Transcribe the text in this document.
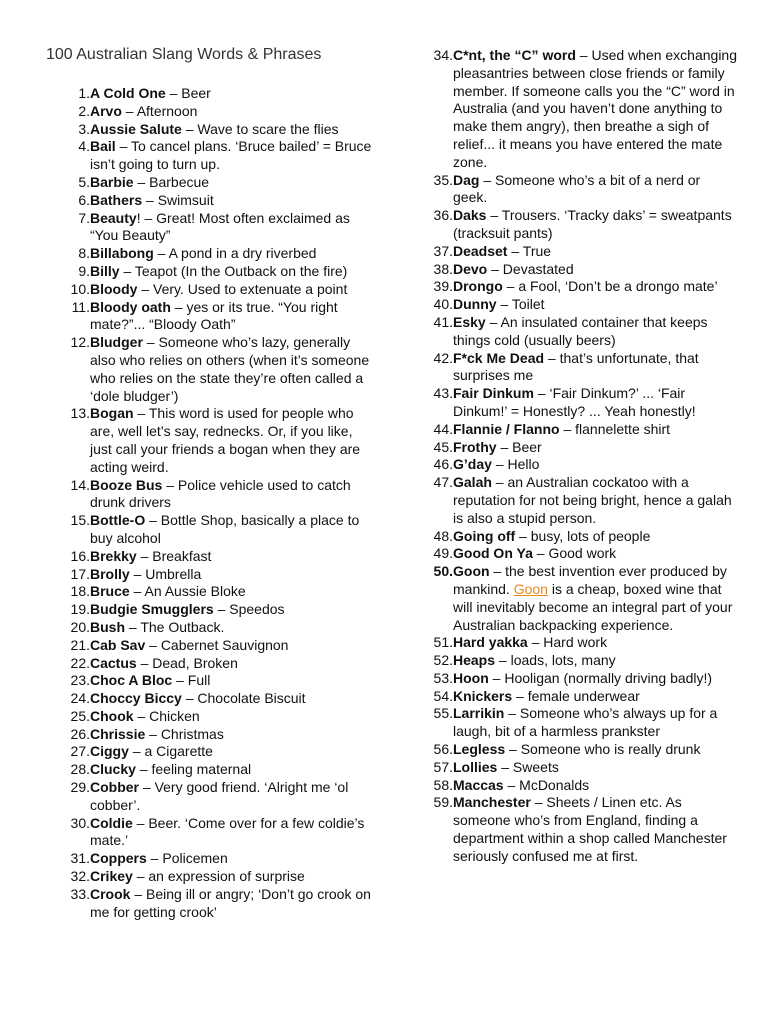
100 Australian Slang Words & Phrases
1. A Cold One – Beer
2. Arvo – Afternoon
3. Aussie Salute – Wave to scare the flies
4. Bail – To cancel plans. ‘Bruce bailed’ = Bruce isn’t going to turn up.
5. Barbie – Barbecue
6. Bathers – Swimsuit
7. Beauty! – Great! Most often exclaimed as “You Beauty”
8. Billabong – A pond in a dry riverbed
9. Billy – Teapot (In the Outback on the fire)
10. Bloody – Very. Used to extenuate a point
11. Bloody oath – yes or its true. “You right mate?”... “Bloody Oath”
12. Bludger – Someone who’s lazy, generally also who relies on others (when it’s someone who relies on the state they’re often called a ‘dole bludger’)
13. Bogan – This word is used for people who are, well let’s say, rednecks. Or, if you like, just call your friends a bogan when they are acting weird.
14. Booze Bus – Police vehicle used to catch drunk drivers
15. Bottle-O – Bottle Shop, basically a place to buy alcohol
16. Brekky – Breakfast
17. Brolly – Umbrella
18. Bruce – An Aussie Bloke
19. Budgie Smugglers – Speedos
20. Bush – The Outback.
21. Cab Sav – Cabernet Sauvignon
22. Cactus – Dead, Broken
23. Choc A Bloc – Full
24. Choccy Biccy – Chocolate Biscuit
25. Chook – Chicken
26. Chrissie – Christmas
27. Ciggy – a Cigarette
28. Clucky – feeling maternal
29. Cobber – Very good friend. ‘Alright me ‘ol cobber’.
30. Coldie – Beer. ‘Come over for a few coldie’s mate.’
31. Coppers – Policemen
32. Crikey – an expression of surprise
33. Crook – Being ill or angry; ‘Don’t go crook on me for getting crook’
34. C*nt, the “C” word – Used when exchanging pleasantries between close friends or family member. If someone calls you the “C” word in Australia (and you haven’t done anything to make them angry), then breathe a sigh of relief... it means you have entered the mate zone.
35. Dag – Someone who’s a bit of a nerd or geek.
36. Daks – Trousers. ‘Tracky daks’ = sweatpants (tracksuit pants)
37. Deadset – True
38. Devo – Devastated
39. Drongo – a Fool, ‘Don’t be a drongo mate’
40. Dunny – Toilet
41. Esky – An insulated container that keeps things cold (usually beers)
42. F*ck Me Dead – that’s unfortunate, that surprises me
43. Fair Dinkum – ‘Fair Dinkum?’ ... ‘Fair Dinkum!’ = Honestly? ... Yeah honestly!
44. Flannie / Flanno – flannelette shirt
45. Frothy – Beer
46. G’day – Hello
47. Galah – an Australian cockatoo with a reputation for not being bright, hence a galah is also a stupid person.
48. Going off – busy, lots of people
49. Good On Ya – Good work
50. Goon – the best invention ever produced by mankind. Goon is a cheap, boxed wine that will inevitably become an integral part of your Australian backpacking experience.
51. Hard yakka – Hard work
52. Heaps – loads, lots, many
53. Hoon – Hooligan (normally driving badly!)
54. Knickers – female underwear
55. Larrikin – Someone who’s always up for a laugh, bit of a harmless prankster
56. Legless – Someone who is really drunk
57. Lollies – Sweets
58. Maccas – McDonalds
59. Manchester – Sheets / Linen etc. As someone who’s from England, finding a department within a shop called Manchester seriously confused me at first.
